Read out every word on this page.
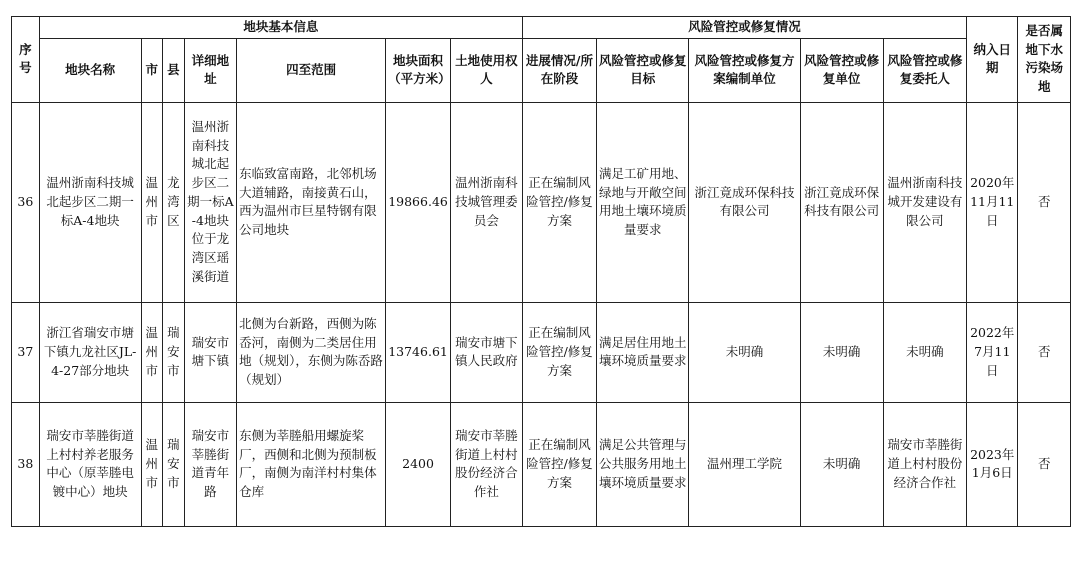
序号	地块基本信息							风险管控或修复情况					纳入日期	是否属地下水污染场地
	地块名称	市	县	详细地址	四至范围	地块面积（平方米）	土地使用权人	进展情况/所在阶段	风险管控或修复目标	风险管控或修复方案编制单位	风险管控或修复单位	风险管控或修复委托人		
36	温州浙南科技城北起步区二期一标A-4地块	温州市	龙湾区	温州浙南科技城北起步区二期一标A-4地块位于龙湾区瑶溪街道	东临致富南路，北邻机场大道辅路，南接黄石山，西为温州市巨星特钢有限公司地块	19866.46	温州浙南科技城管理委员会	正在编制风险管控/修复方案	满足工矿用地、绿地与开敞空间用地土壤环境质量要求	浙江竟成环保科技有限公司	浙江竟成环保科技有限公司	温州浙南科技城开发建设有限公司	2020年11月11日	否
37	浙江省瑞安市塘下镇九龙社区JL-4-27部分地块	温州市	瑞安市	瑞安市塘下镇	北侧为台新路，西侧为陈岙河，南侧为二类居住用地（规划），东侧为陈岙路（规划）	13746.61	瑞安市塘下镇人民政府	正在编制风险管控/修复方案	满足居住用地土壤环境质量要求	未明确	未明确	未明确	2022年7月11日	否
38	瑞安市莘塍街道上村村养老服务中心（原莘塍电镀中心）地块	温州市	瑞安市	瑞安市莘塍街道青年路	东侧为莘塍船用螺旋桨厂，西侧和北侧为预制板厂，南侧为南洋村村集体仓库	2400	瑞安市莘塍街道上村村股份经济合作社	正在编制风险管控/修复方案	满足公共管理与公共服务用地土壤环境质量要求	温州理工学院	未明确	瑞安市莘塍街道上村村股份经济合作社	2023年1月6日	否
